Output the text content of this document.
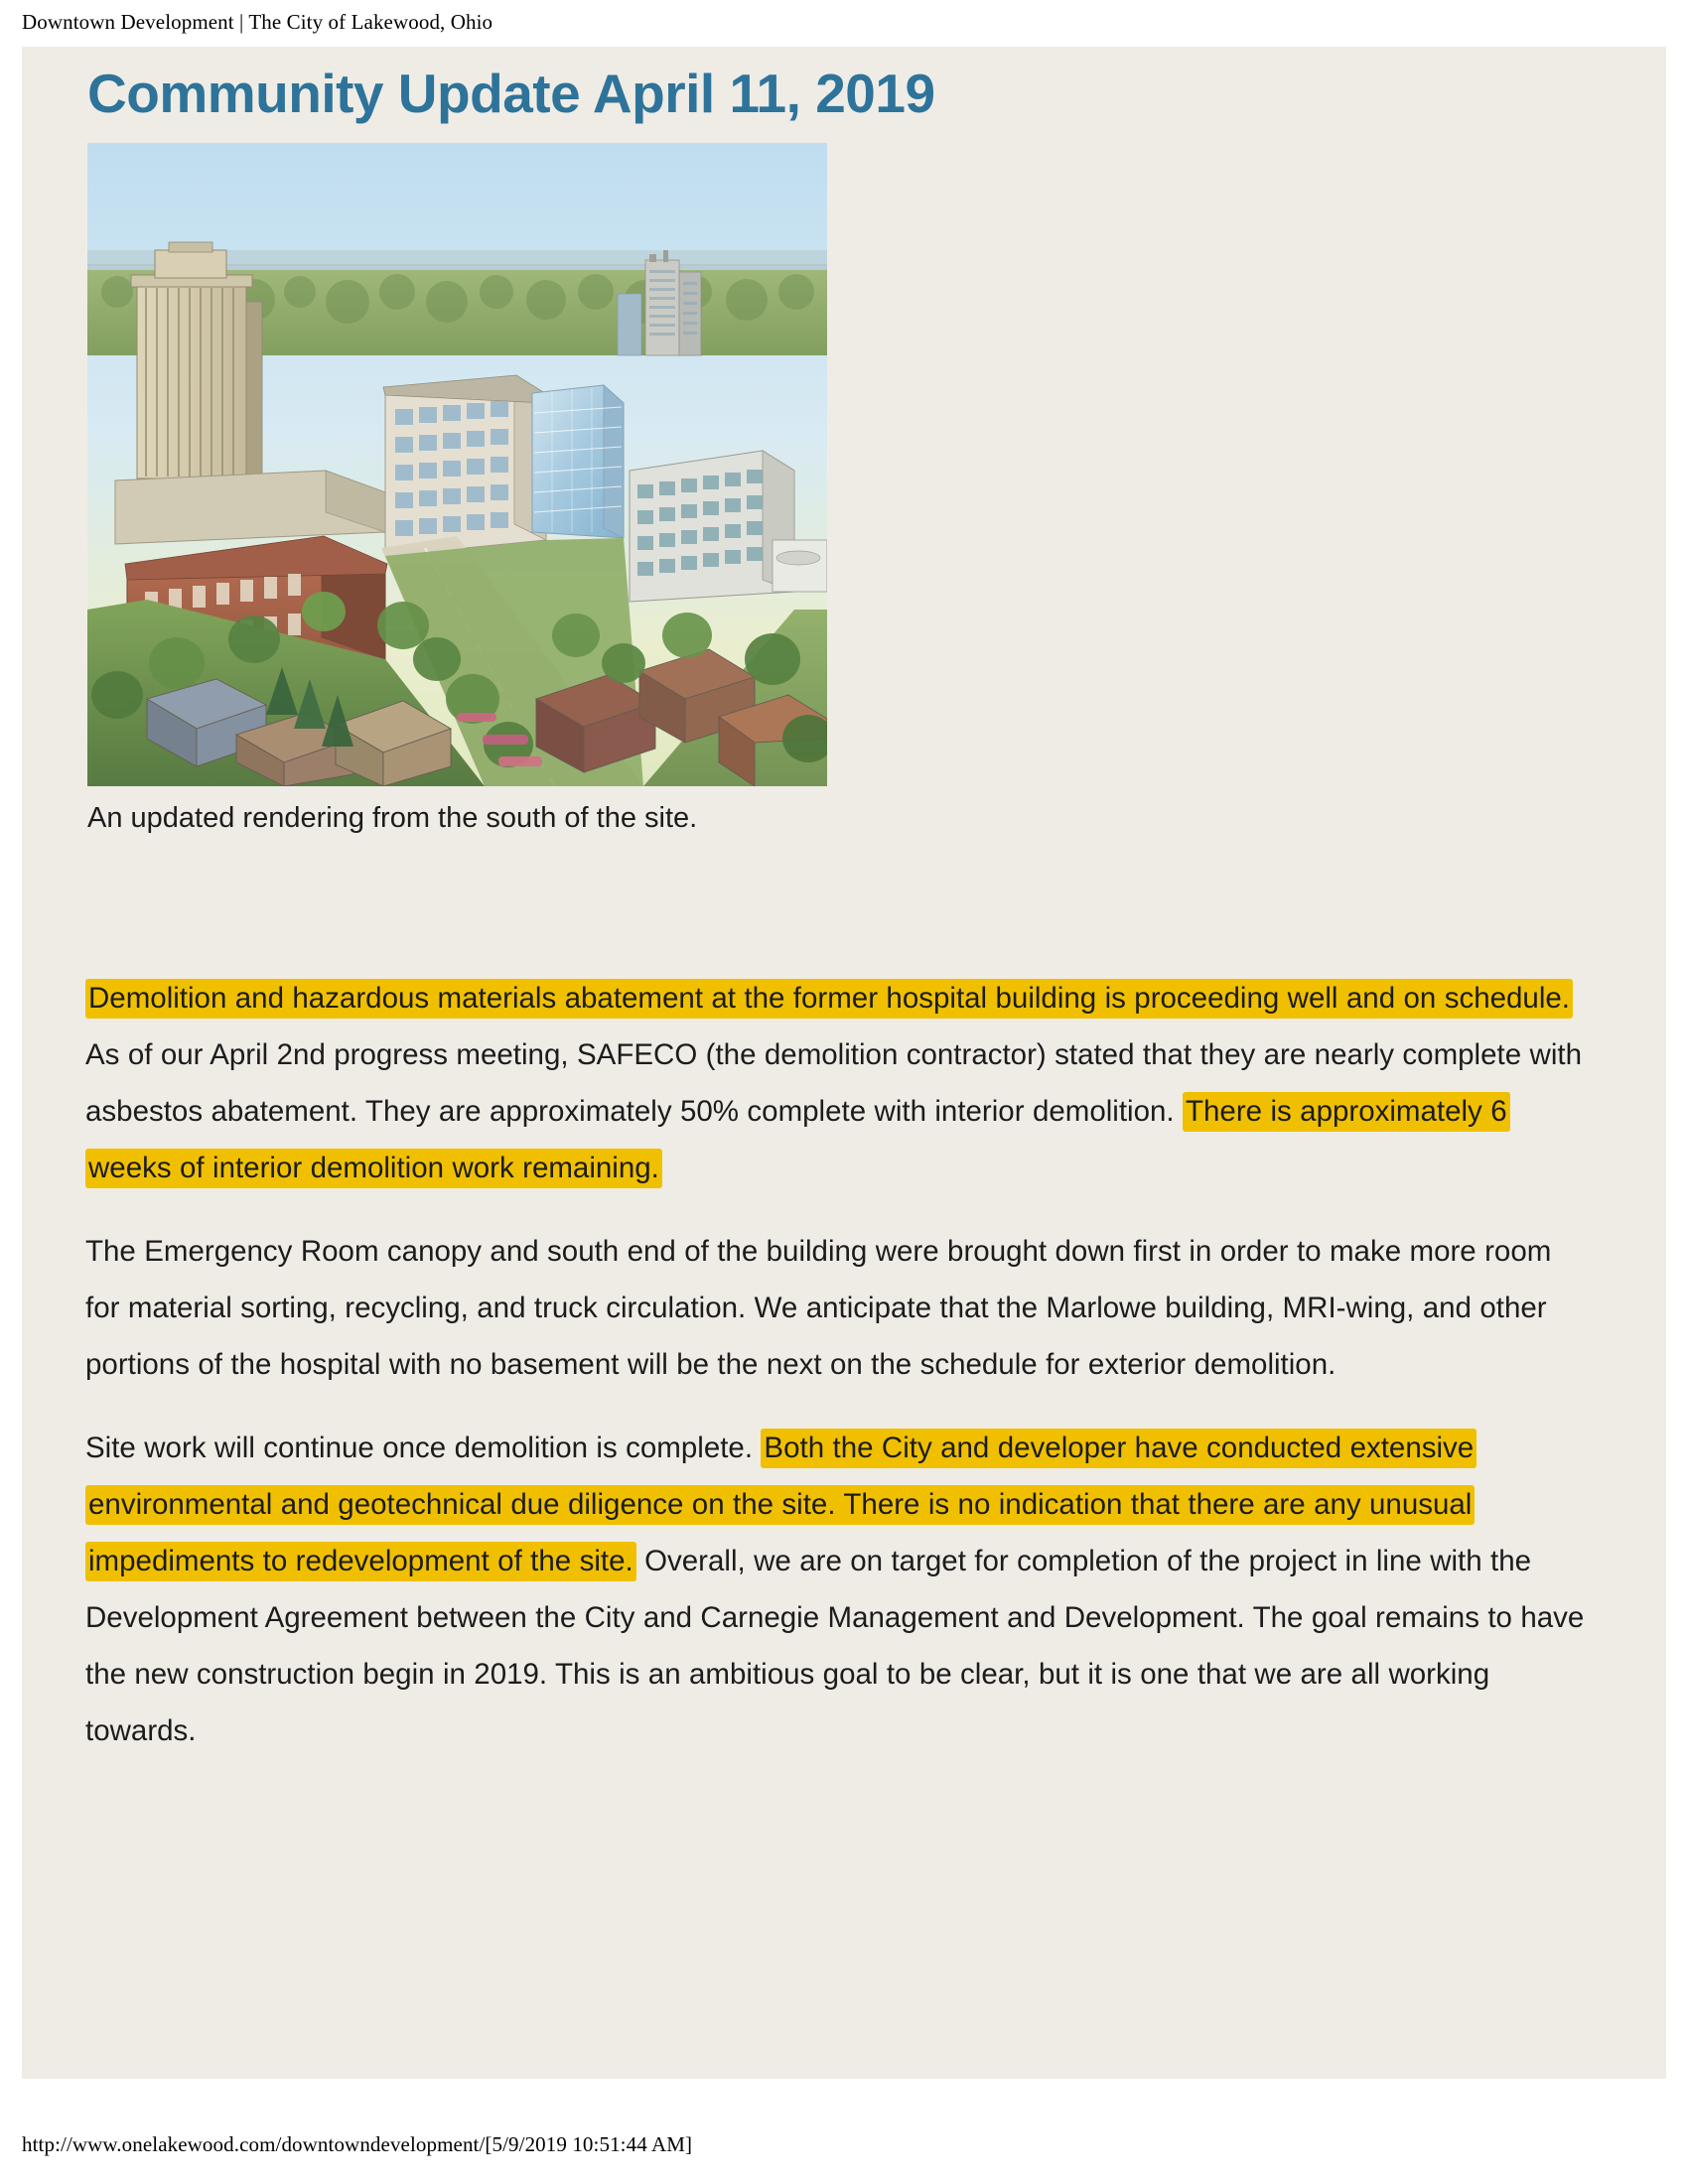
Downtown Development | The City of Lakewood, Ohio
Community Update April 11, 2019
An updated rendering from the south of the site.

Demolition and hazardous materials abatement at the former hospital building is proceeding well and on schedule. As of our April 2nd progress meeting, SAFECO (the demolition contractor) stated that they are nearly complete with asbestos abatement. They are approximately 50% complete with interior demolition. There is approximately 6 weeks of interior demolition work remaining.

The Emergency Room canopy and south end of the building were brought down first in order to make more room for material sorting, recycling, and truck circulation. We anticipate that the Marlowe building, MRI-wing, and other portions of the hospital with no basement will be the next on the schedule for exterior demolition.

Site work will continue once demolition is complete. Both the City and developer have conducted extensive environmental and geotechnical due diligence on the site. There is no indication that there are any unusual impediments to redevelopment of the site. Overall, we are on target for completion of the project in line with the Development Agreement between the City and Carnegie Management and Development. The goal remains to have the new construction begin in 2019. This is an ambitious goal to be clear, but it is one that we are all working towards.

http://www.onelakewood.com/downtowndevelopment/[5/9/2019 10:51:44 AM]
